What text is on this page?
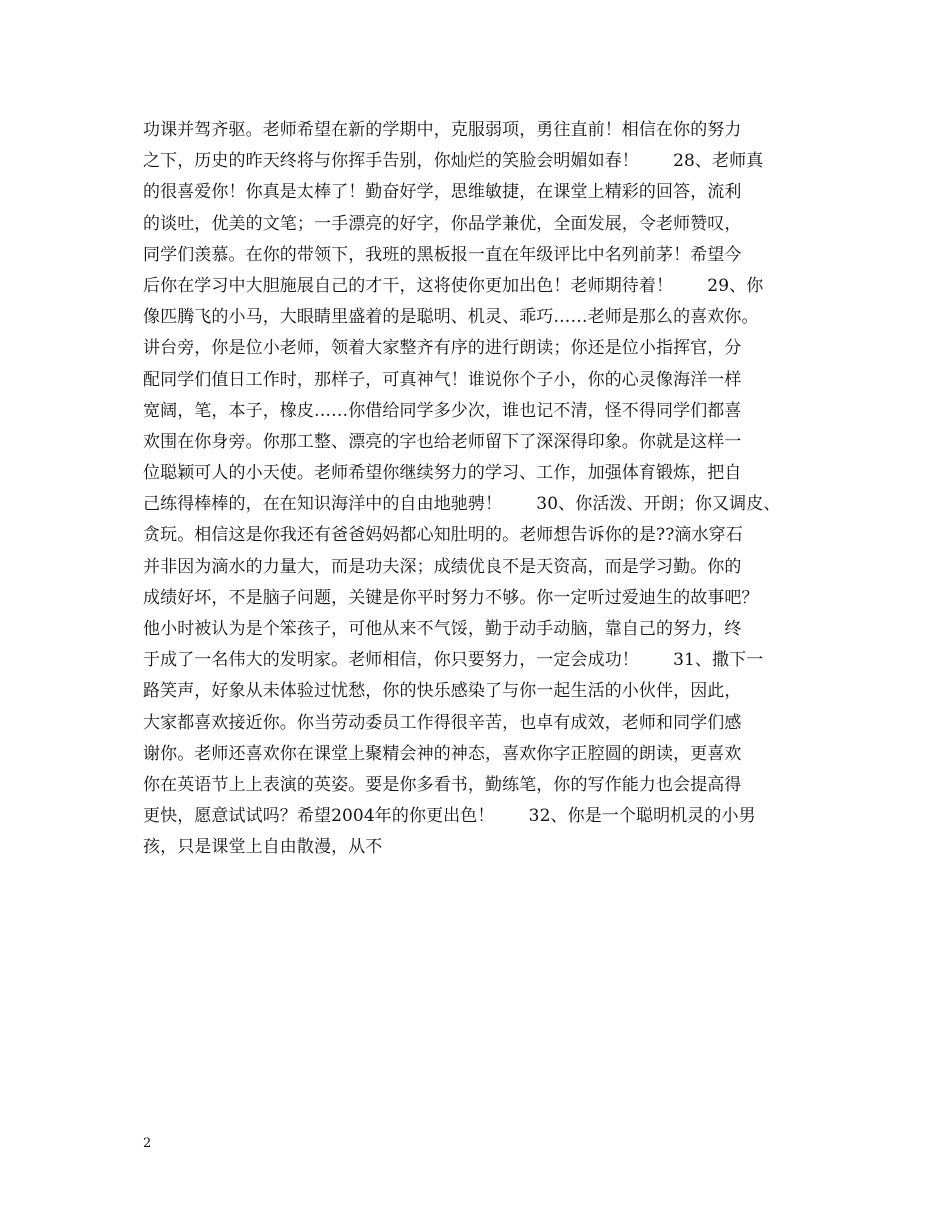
功课并驾齐驱。老师希望在新的学期中，克服弱项，勇往直前！相信在你的努力
之下，历史的昨天终将与你挥手告别，你灿烂的笑脸会明媚如春！　　28、老师真
的很喜爱你！你真是太棒了！勤奋好学，思维敏捷，在课堂上精彩的回答，流利
的谈吐，优美的文笔；一手漂亮的好字，你品学兼优，全面发展，令老师赞叹，
同学们羡慕。在你的带领下，我班的黑板报一直在年级评比中名列前茅！希望今
后你在学习中大胆施展自己的才干，这将使你更加出色！老师期待着！　　29、你
像匹腾飞的小马，大眼睛里盛着的是聪明、机灵、乖巧……老师是那么的喜欢你。
讲台旁，你是位小老师，领着大家整齐有序的进行朗读；你还是位小指挥官，分
配同学们值日工作时，那样子，可真神气！谁说你个子小，你的心灵像海洋一样
宽阔，笔，本子，橡皮……你借给同学多少次，谁也记不清，怪不得同学们都喜
欢围在你身旁。你那工整、漂亮的字也给老师留下了深深得印象。你就是这样一
位聪颖可人的小天使。老师希望你继续努力的学习、工作，加强体育锻炼，把自
己练得棒棒的，在在知识海洋中的自由地驰骋！　　30、你活泼、开朗；你又调皮、
贪玩。相信这是你我还有爸爸妈妈都心知肚明的。老师想告诉你的是??滴水穿石
并非因为滴水的力量大，而是功夫深；成绩优良不是天资高，而是学习勤。你的
成绩好坏，不是脑子问题，关键是你平时努力不够。你一定听过爱迪生的故事吧？
他小时被认为是个笨孩子，可他从来不气馁，勤于动手动脑，靠自己的努力，终
于成了一名伟大的发明家。老师相信，你只要努力，一定会成功！　　31、撒下一
路笑声，好象从未体验过忧愁，你的快乐感染了与你一起生活的小伙伴，因此，
大家都喜欢接近你。你当劳动委员工作得很辛苦，也卓有成效，老师和同学们感
谢你。老师还喜欢你在课堂上聚精会神的神态，喜欢你字正腔圆的朗读，更喜欢
你在英语节上上表演的英姿。要是你多看书，勤练笔，你的写作能力也会提高得
更快，愿意试试吗？希望2004年的你更出色！　　32、你是一个聪明机灵的小男
孩，只是课堂上自由散漫，从不
2
